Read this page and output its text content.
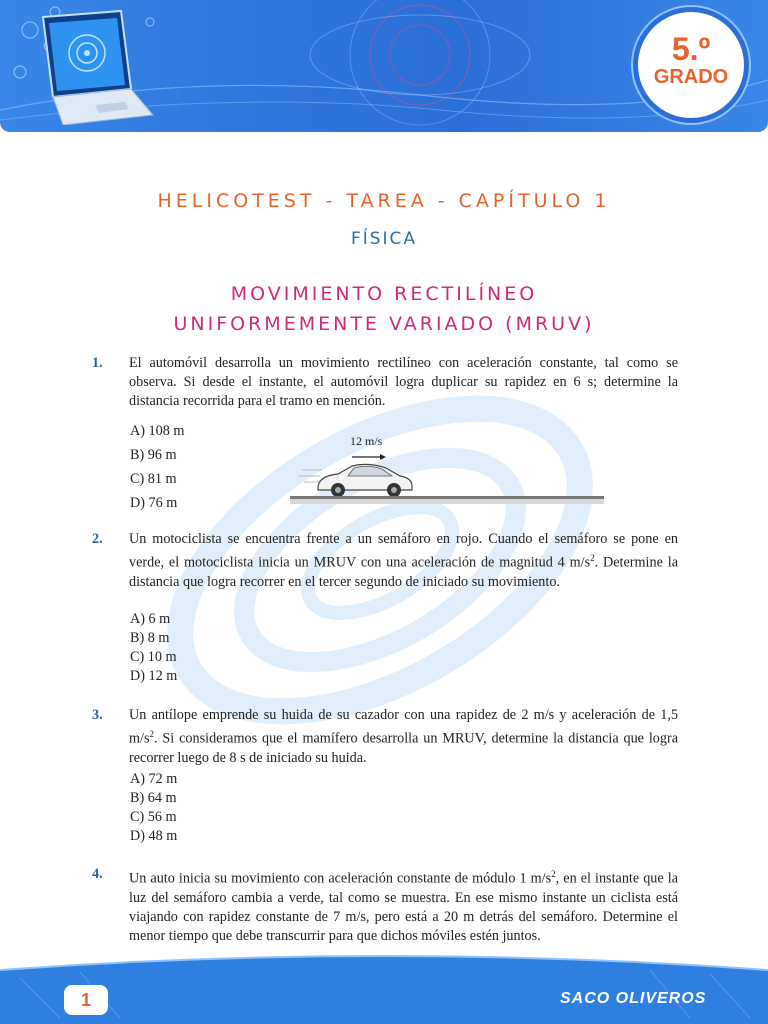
5.º
GRADO
HELICOTEST - TAREA - CAPÍTULO 1
FÍSICA
MOVIMIENTO RECTILÍNEO
UNIFORMEMENTE VARIADO (MRUV)
1. El automóvil desarrolla un movimiento rectilíneo con aceleración constante, tal como se observa. Si desde el instante, el automóvil logra duplicar su rapidez en 6 s; determine la distancia recorrida para el tramo en mención.
A) 108 m
B) 96 m
C) 81 m
D) 76 m
12 m/s
2. Un motociclista se encuentra frente a un semáforo en rojo. Cuando el semáforo se pone en verde, el motociclista inicia un MRUV con una aceleración de magnitud 4 $m/s^2$. Determine la distancia que logra recorrer en el tercer segundo de iniciado su movimiento.
A) 6 m
B) 8 m
C) 10 m
D) 12 m
3. Un antílope emprende su huida de su cazador con una rapidez de 2 m/s y aceleración de 1,5 $m/s^2$. Si consideramos que el mamífero desarrolla un MRUV, determine la distancia que logra recorrer luego de 8 s de iniciado su huida.
A) 72 m
B) 64 m
C) 56 m
D) 48 m
4. Un auto inicia su movimiento con aceleración constante de módulo 1 $m/s^2$, en el instante que la luz del semáforo cambia a verde, tal como se muestra. En ese mismo instante un ciclista está viajando con rapidez constante de 7 m/s, pero está a 20 m detrás del semáforo. Determine el menor tiempo que debe transcurrir para que dichos móviles estén juntos.
1	SACO OLIVEROS
